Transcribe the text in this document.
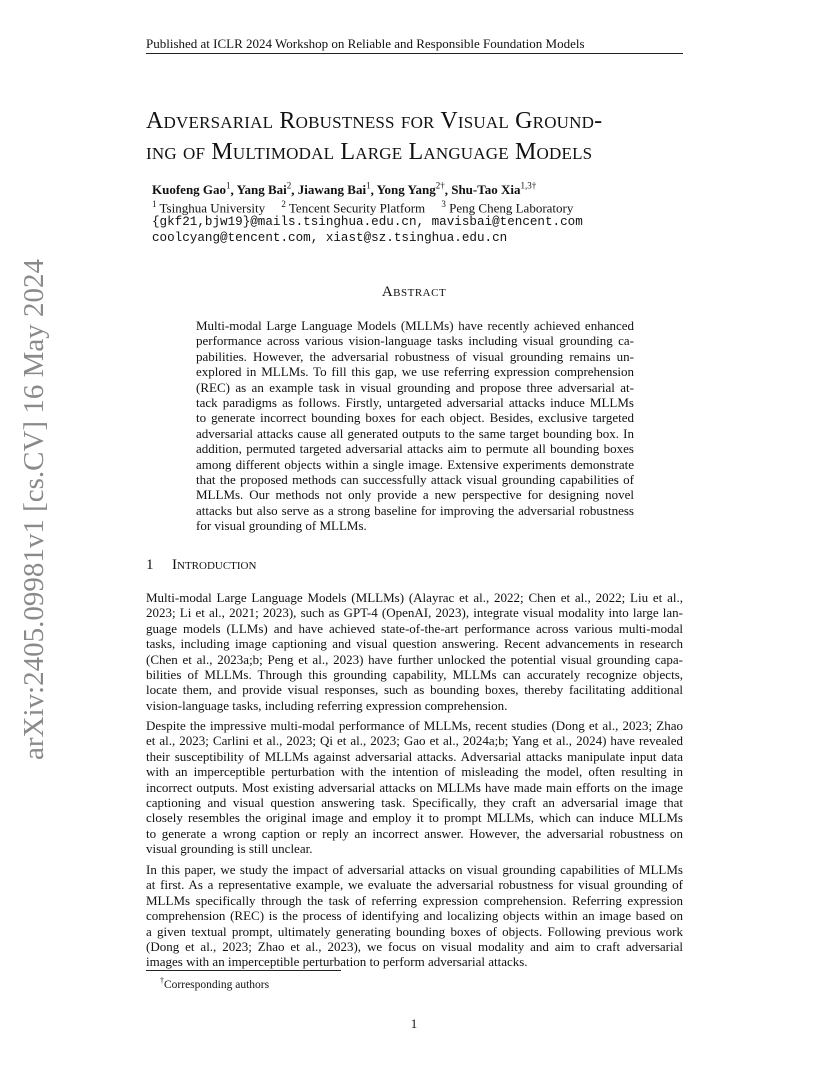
Published at ICLR 2024 Workshop on Reliable and Responsible Foundation Models
Adversarial Robustness for Visual Ground-
ing of Multimodal Large Language Models
Kuofeng Gao$^1$, Yang Bai$^2$, Jiawang Bai$^1$, Yong Yang$^{2\dagger}$, Shu-Tao Xia$^{1,3\dagger}$
$^1$ Tsinghua University $^2$ Tencent Security Platform $^3$ Peng Cheng Laboratory
{gkf21,bjw19}@mails.tsinghua.edu.cn, mavisbai@tencent.com
coolcyang@tencent.com, xiast@sz.tsinghua.edu.cn
Abstract
Multi-modal Large Language Models (MLLMs) have recently achieved enhanced
performance across various vision-language tasks including visual grounding ca-
pabilities. However, the adversarial robustness of visual grounding remains un-
explored in MLLMs. To fill this gap, we use referring expression comprehension
(REC) as an example task in visual grounding and propose three adversarial at-
tack paradigms as follows. Firstly, untargeted adversarial attacks induce MLLMs
to generate incorrect bounding boxes for each object. Besides, exclusive targeted
adversarial attacks cause all generated outputs to the same target bounding box. In
addition, permuted targeted adversarial attacks aim to permute all bounding boxes
among different objects within a single image. Extensive experiments demonstrate
that the proposed methods can successfully attack visual grounding capabilities of
MLLMs. Our methods not only provide a new perspective for designing novel
attacks but also serve as a strong baseline for improving the adversarial robustness
for visual grounding of MLLMs.
1 Introduction
Multi-modal Large Language Models (MLLMs) (Alayrac et al., 2022; Chen et al., 2022; Liu et al.,
2023; Li et al., 2021; 2023), such as GPT-4 (OpenAI, 2023), integrate visual modality into large lan-
guage models (LLMs) and have achieved state-of-the-art performance across various multi-modal
tasks, including image captioning and visual question answering. Recent advancements in research
(Chen et al., 2023a;b; Peng et al., 2023) have further unlocked the potential visual grounding capa-
bilities of MLLMs. Through this grounding capability, MLLMs can accurately recognize objects,
locate them, and provide visual responses, such as bounding boxes, thereby facilitating additional
vision-language tasks, including referring expression comprehension.
Despite the impressive multi-modal performance of MLLMs, recent studies (Dong et al., 2023; Zhao
et al., 2023; Carlini et al., 2023; Qi et al., 2023; Gao et al., 2024a;b; Yang et al., 2024) have revealed
their susceptibility of MLLMs against adversarial attacks. Adversarial attacks manipulate input data
with an imperceptible perturbation with the intention of misleading the model, often resulting in
incorrect outputs. Most existing adversarial attacks on MLLMs have made main efforts on the image
captioning and visual question answering task. Specifically, they craft an adversarial image that
closely resembles the original image and employ it to prompt MLLMs, which can induce MLLMs
to generate a wrong caption or reply an incorrect answer. However, the adversarial robustness on
visual grounding is still unclear.
In this paper, we study the impact of adversarial attacks on visual grounding capabilities of MLLMs
at first. As a representative example, we evaluate the adversarial robustness for visual grounding of
MLLMs specifically through the task of referring expression comprehension. Referring expression
comprehension (REC) is the process of identifying and localizing objects within an image based on
a given textual prompt, ultimately generating bounding boxes of objects. Following previous work
(Dong et al., 2023; Zhao et al., 2023), we focus on visual modality and aim to craft adversarial
images with an imperceptible perturbation to perform adversarial attacks.
†Corresponding authors
1
arXiv:2405.09981v1 [cs.CV] 16 May 2024
